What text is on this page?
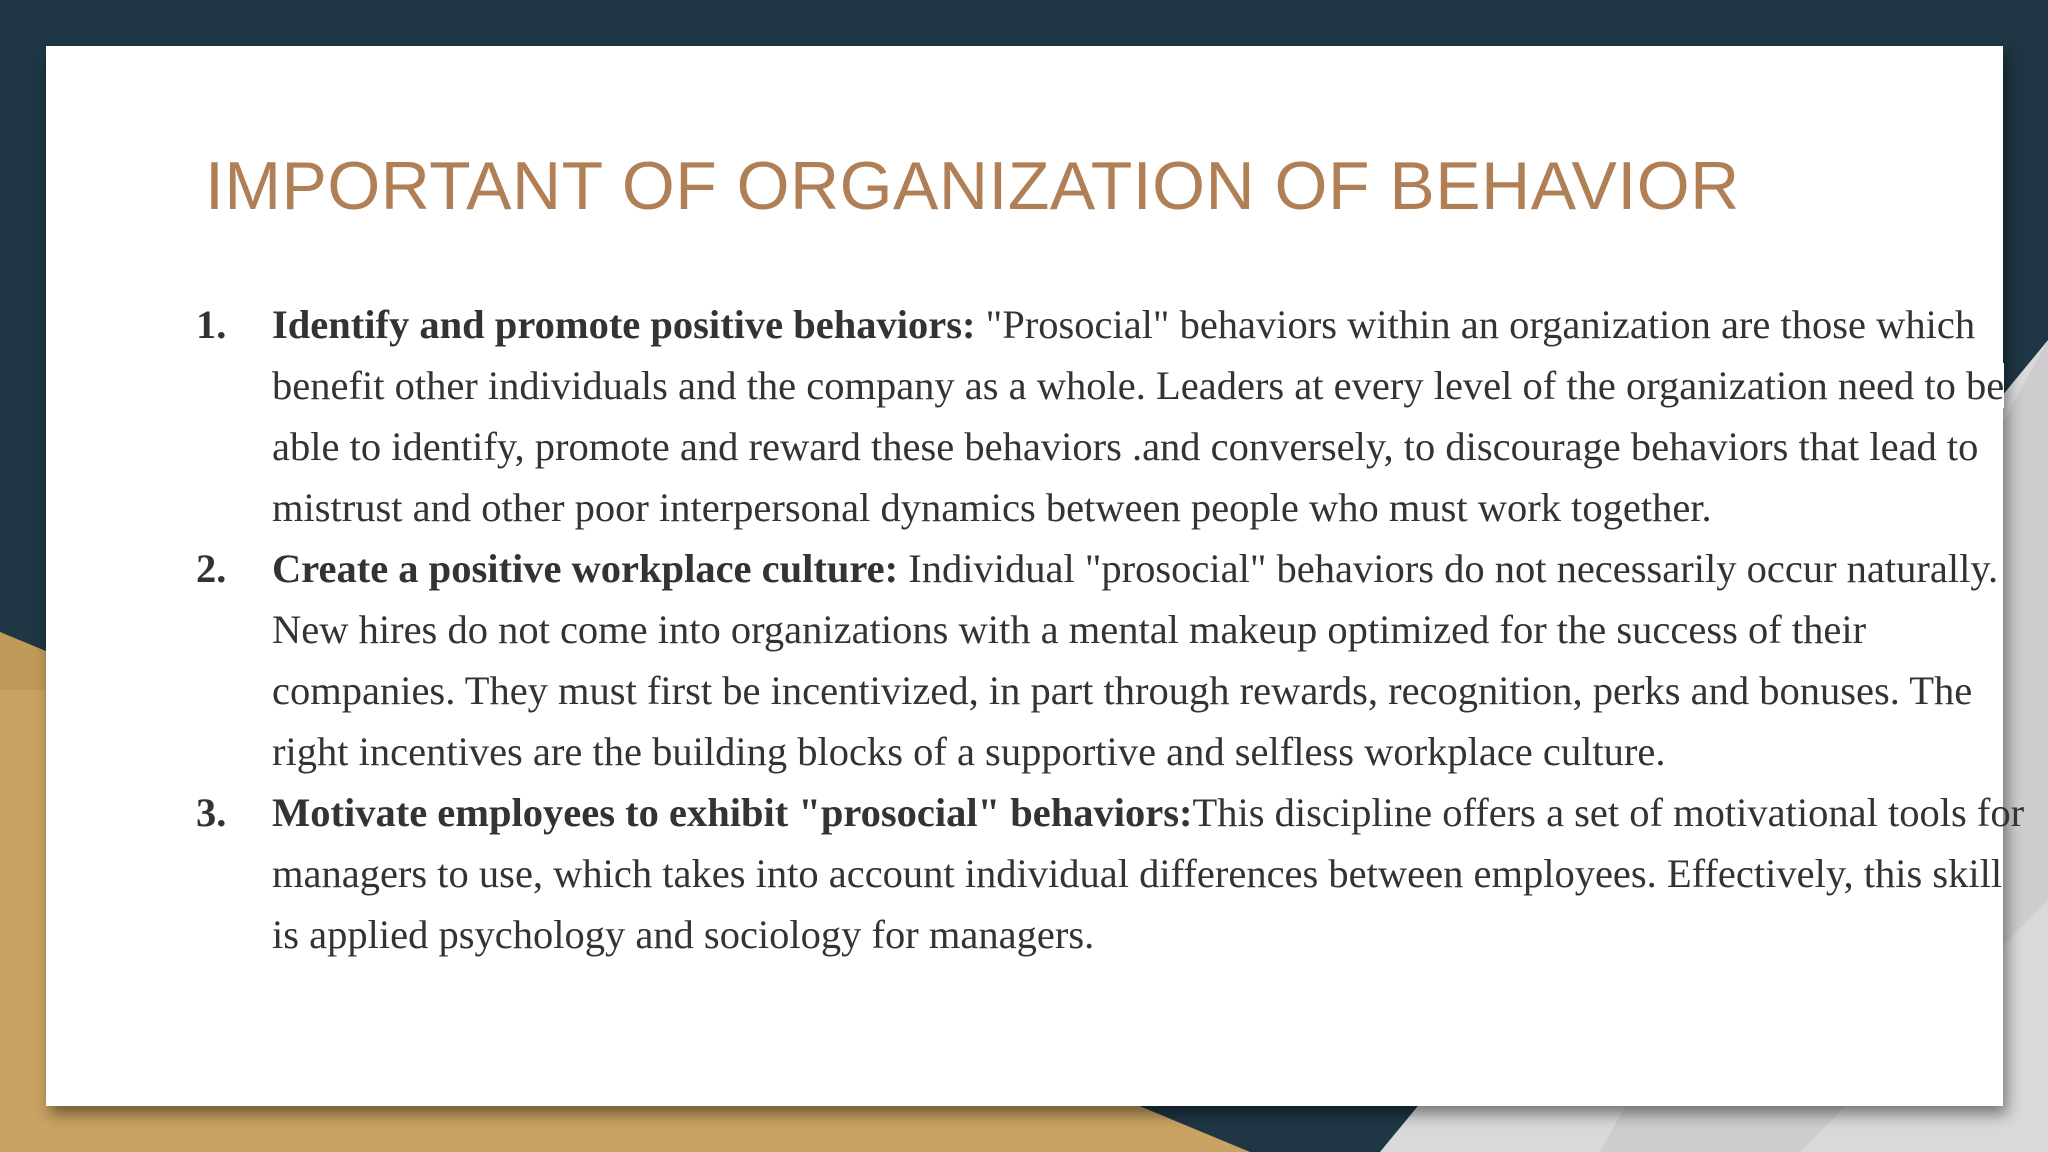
IMPORTANT OF ORGANIZATION OF BEHAVIOR
1. Identify and promote positive behaviors: "Prosocial" behaviors within an organization are those which benefit other individuals and the company as a whole. Leaders at every level of the organization need to be able to identify, promote and reward these behaviors .and conversely, to discourage behaviors that lead to mistrust and other poor interpersonal dynamics between people who must work together.
2. Create a positive workplace culture: Individual "prosocial" behaviors do not necessarily occur naturally. New hires do not come into organizations with a mental makeup optimized for the success of their companies. They must first be incentivized, in part through rewards, recognition, perks and bonuses. The right incentives are the building blocks of a supportive and selfless workplace culture.
3. Motivate employees to exhibit "prosocial" behaviors:This discipline offers a set of motivational tools for managers to use, which takes into account individual differences between employees. Effectively, this skill is applied psychology and sociology for managers.
